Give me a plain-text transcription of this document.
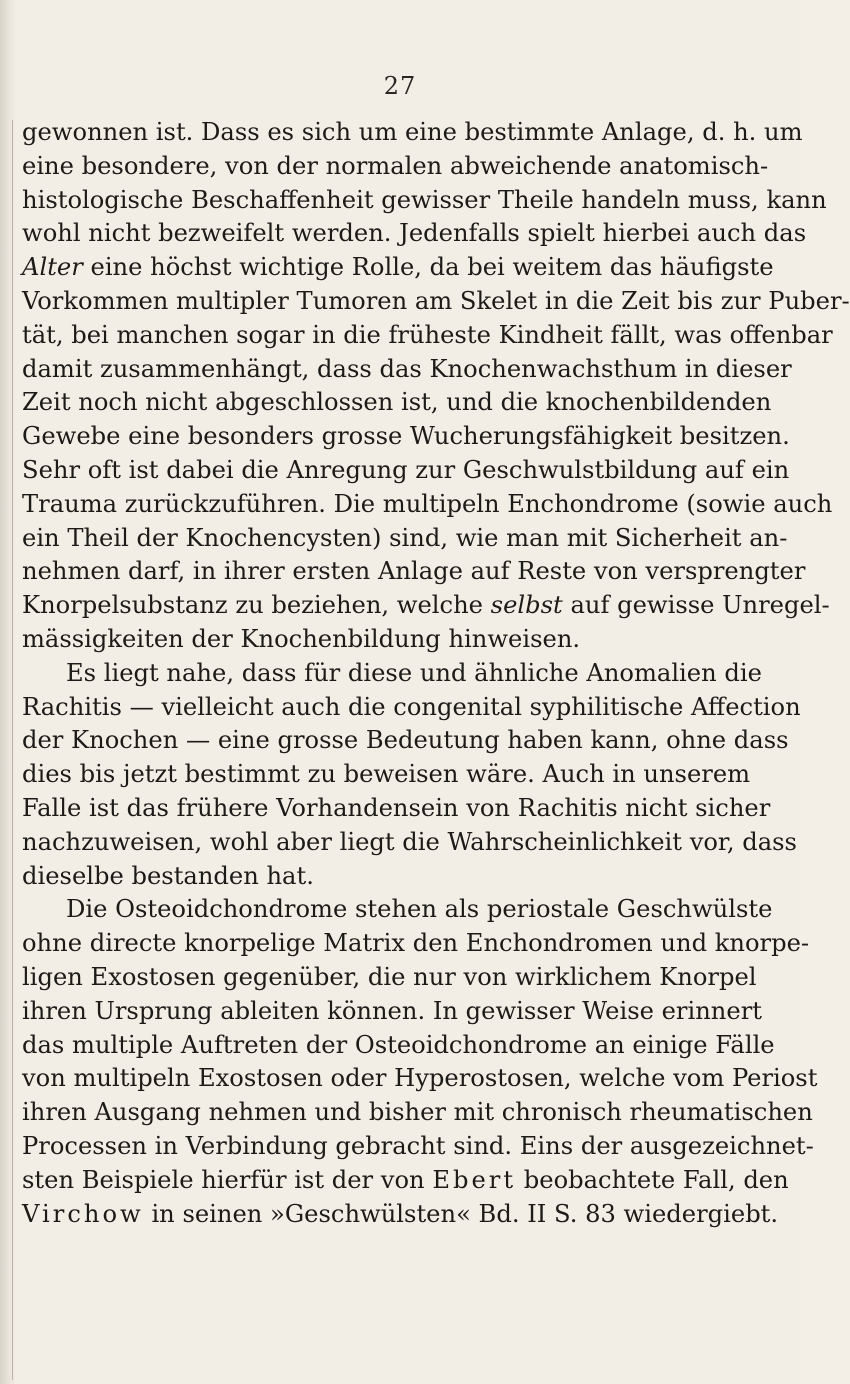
27
gewonnen ist. Dass es sich um eine bestimmte Anlage, d. h. um
eine besondere, von der normalen abweichende anatomisch-
histologische Beschaffenheit gewisser Theile handeln muss, kann
wohl nicht bezweifelt werden. Jedenfalls spielt hierbei auch das
Alter eine höchst wichtige Rolle, da bei weitem das häufigste
Vorkommen multipler Tumoren am Skelet in die Zeit bis zur Puber-
tät, bei manchen sogar in die früheste Kindheit fällt, was offenbar
damit zusammenhängt, dass das Knochenwachsthum in dieser
Zeit noch nicht abgeschlossen ist, und die knochenbildenden
Gewebe eine besonders grosse Wucherungsfähigkeit besitzen.
Sehr oft ist dabei die Anregung zur Geschwulstbildung auf ein
Trauma zurückzuführen. Die multipeln Enchondrome (sowie auch
ein Theil der Knochencysten) sind, wie man mit Sicherheit an-
nehmen darf, in ihrer ersten Anlage auf Reste von versprengter
Knorpelsubstanz zu beziehen, welche selbst auf gewisse Unregel-
mässigkeiten der Knochenbildung hinweisen.
Es liegt nahe, dass für diese und ähnliche Anomalien die
Rachitis — vielleicht auch die congenital syphilitische Affection
der Knochen — eine grosse Bedeutung haben kann, ohne dass
dies bis jetzt bestimmt zu beweisen wäre. Auch in unserem
Falle ist das frühere Vorhandensein von Rachitis nicht sicher
nachzuweisen, wohl aber liegt die Wahrscheinlichkeit vor, dass
dieselbe bestanden hat.
Die Osteoidchondrome stehen als periostale Geschwülste
ohne directe knorpelige Matrix den Enchondromen und knorpe-
ligen Exostosen gegenüber, die nur von wirklichem Knorpel
ihren Ursprung ableiten können. In gewisser Weise erinnert
das multiple Auftreten der Osteoidchondrome an einige Fälle
von multipeln Exostosen oder Hyperostosen, welche vom Periost
ihren Ausgang nehmen und bisher mit chronisch rheumatischen
Processen in Verbindung gebracht sind. Eins der ausgezeichnet-
sten Beispiele hierfür ist der von Ebert beobachtete Fall, den
Virchow in seinen »Geschwülsten« Bd. II S. 83 wiedergiebt.
